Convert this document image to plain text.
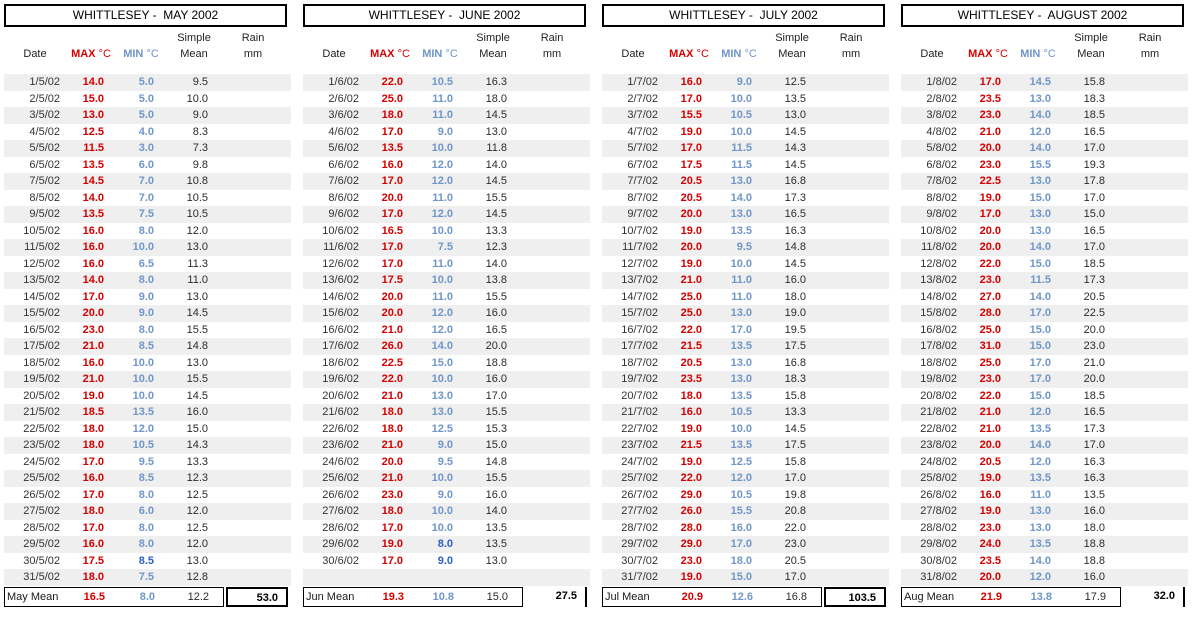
WHITTLESEY -  MAY 2002
Date	MAX °C	MIN °C
Simple
Mean
Rain
mm
1/5/02	14.0	5.0	9.5
2/5/02	15.0	5.0	10.0
3/5/02	13.0	5.0	9.0
4/5/02	12.5	4.0	8.3
5/5/02	11.5	3.0	7.3
6/5/02	13.5	6.0	9.8
7/5/02	14.5	7.0	10.8
8/5/02	14.0	7.0	10.5
9/5/02	13.5	7.5	10.5
10/5/02	16.0	8.0	12.0
11/5/02	16.0	10.0	13.0
12/5/02	16.0	6.5	11.3
13/5/02	14.0	8.0	11.0
14/5/02	17.0	9.0	13.0
15/5/02	20.0	9.0	14.5
16/5/02	23.0	8.0	15.5
17/5/02	21.0	8.5	14.8
18/5/02	16.0	10.0	13.0
19/5/02	21.0	10.0	15.5
20/5/02	19.0	10.0	14.5
21/5/02	18.5	13.5	16.0
22/5/02	18.0	12.0	15.0
23/5/02	18.0	10.5	14.3
24/5/02	17.0	9.5	13.3
25/5/02	16.0	8.5	12.3
26/5/02	17.0	8.0	12.5
27/5/02	18.0	6.0	12.0
28/5/02	17.0	8.0	12.5
29/5/02	16.0	8.0	12.0
30/5/02	17.5	8.5	13.0
31/5/02	18.0	7.5	12.8
May Mean	16.5	8.0	12.2	53.0
WHITTLESEY -  JUNE 2002
Date	MAX °C	MIN °C
Simple
Mean
Rain
mm
1/6/02	22.0	10.5	16.3
2/6/02	25.0	11.0	18.0
3/6/02	18.0	11.0	14.5
4/6/02	17.0	9.0	13.0
5/6/02	13.5	10.0	11.8
6/6/02	16.0	12.0	14.0
7/6/02	17.0	12.0	14.5
8/6/02	20.0	11.0	15.5
9/6/02	17.0	12.0	14.5
10/6/02	16.5	10.0	13.3
11/6/02	17.0	7.5	12.3
12/6/02	17.0	11.0	14.0
13/6/02	17.5	10.0	13.8
14/6/02	20.0	11.0	15.5
15/6/02	20.0	12.0	16.0
16/6/02	21.0	12.0	16.5
17/6/02	26.0	14.0	20.0
18/6/02	22.5	15.0	18.8
19/6/02	22.0	10.0	16.0
20/6/02	21.0	13.0	17.0
21/6/02	18.0	13.0	15.5
22/6/02	18.0	12.5	15.3
23/6/02	21.0	9.0	15.0
24/6/02	20.0	9.5	14.8
25/6/02	21.0	10.0	15.5
26/6/02	23.0	9.0	16.0
27/6/02	18.0	10.0	14.0
28/6/02	17.0	10.0	13.5
29/6/02	19.0	8.0	13.5
30/6/02	17.0	9.0	13.0
Jun Mean	19.3	10.8	15.0	27.5
WHITTLESEY -  JULY 2002
Date	MAX °C	MIN °C
Simple
Mean
Rain
mm
1/7/02	16.0	9.0	12.5
2/7/02	17.0	10.0	13.5
3/7/02	15.5	10.5	13.0
4/7/02	19.0	10.0	14.5
5/7/02	17.0	11.5	14.3
6/7/02	17.5	11.5	14.5
7/7/02	20.5	13.0	16.8
8/7/02	20.5	14.0	17.3
9/7/02	20.0	13.0	16.5
10/7/02	19.0	13.5	16.3
11/7/02	20.0	9.5	14.8
12/7/02	19.0	10.0	14.5
13/7/02	21.0	11.0	16.0
14/7/02	25.0	11.0	18.0
15/7/02	25.0	13.0	19.0
16/7/02	22.0	17.0	19.5
17/7/02	21.5	13.5	17.5
18/7/02	20.5	13.0	16.8
19/7/02	23.5	13.0	18.3
20/7/02	18.0	13.5	15.8
21/7/02	16.0	10.5	13.3
22/7/02	19.0	10.0	14.5
23/7/02	21.5	13.5	17.5
24/7/02	19.0	12.5	15.8
25/7/02	22.0	12.0	17.0
26/7/02	29.0	10.5	19.8
27/7/02	26.0	15.5	20.8
28/7/02	28.0	16.0	22.0
29/7/02	29.0	17.0	23.0
30/7/02	23.0	18.0	20.5
31/7/02	19.0	15.0	17.0
Jul Mean	20.9	12.6	16.8	103.5
WHITTLESEY -  AUGUST 2002
Date	MAX °C	MIN °C
Simple
Mean
Rain
mm
1/8/02	17.0	14.5	15.8
2/8/02	23.5	13.0	18.3
3/8/02	23.0	14.0	18.5
4/8/02	21.0	12.0	16.5
5/8/02	20.0	14.0	17.0
6/8/02	23.0	15.5	19.3
7/8/02	22.5	13.0	17.8
8/8/02	19.0	15.0	17.0
9/8/02	17.0	13.0	15.0
10/8/02	20.0	13.0	16.5
11/8/02	20.0	14.0	17.0
12/8/02	22.0	15.0	18.5
13/8/02	23.0	11.5	17.3
14/8/02	27.0	14.0	20.5
15/8/02	28.0	17.0	22.5
16/8/02	25.0	15.0	20.0
17/8/02	31.0	15.0	23.0
18/8/02	25.0	17.0	21.0
19/8/02	23.0	17.0	20.0
20/8/02	22.0	15.0	18.5
21/8/02	21.0	12.0	16.5
22/8/02	21.0	13.5	17.3
23/8/02	20.0	14.0	17.0
24/8/02	20.5	12.0	16.3
25/8/02	19.0	13.5	16.3
26/8/02	16.0	11.0	13.5
27/8/02	19.0	13.0	16.0
28/8/02	23.0	13.0	18.0
29/8/02	24.0	13.5	18.8
30/8/02	23.5	14.0	18.8
31/8/02	20.0	12.0	16.0
Aug Mean	21.9	13.8	17.9	32.0
